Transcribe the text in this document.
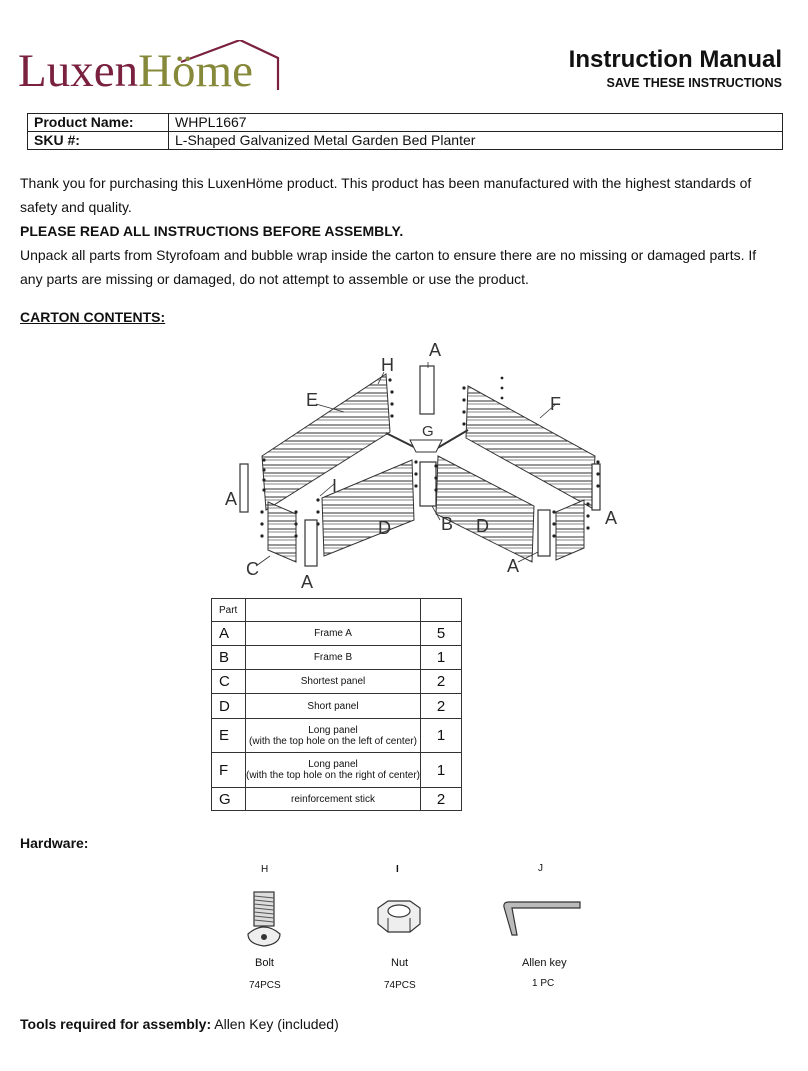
LuxenHöme	Instruction Manual
SAVE THESE INSTRUCTIONS
Product Name:	WHPL1667
SKU #:	L-Shaped Galvanized Metal Garden Bed Planter
Thank you for purchasing this LuxenHöme product. This product has been manufactured with the highest standards of
safety and quality.
PLEASE READ ALL INSTRUCTIONS BEFORE ASSEMBLY.
Unpack all parts from Styrofoam and bubble wrap inside the carton to ensure there are no missing or damaged parts. If
any parts are missing or damaged, do not attempt to assemble or use the product.
CARTON CONTENTS:
H
A
E	F
G
I
A
B
D	D	A
C
A
A
Part		
A	Frame A	5
B	Frame B	1
C	Shortest panel	2
D	Short panel	2
E	Long panel
(with the top hole on the left of center)	1
F	Long panel
(with the top hole on the right of center)	1
G	reinforcement stick	2
Hardware:
H	I	J
Bolt	Nut	Allen key
74PCS	74PCS	1 PC
Tools required for assembly: Allen Key (included)
